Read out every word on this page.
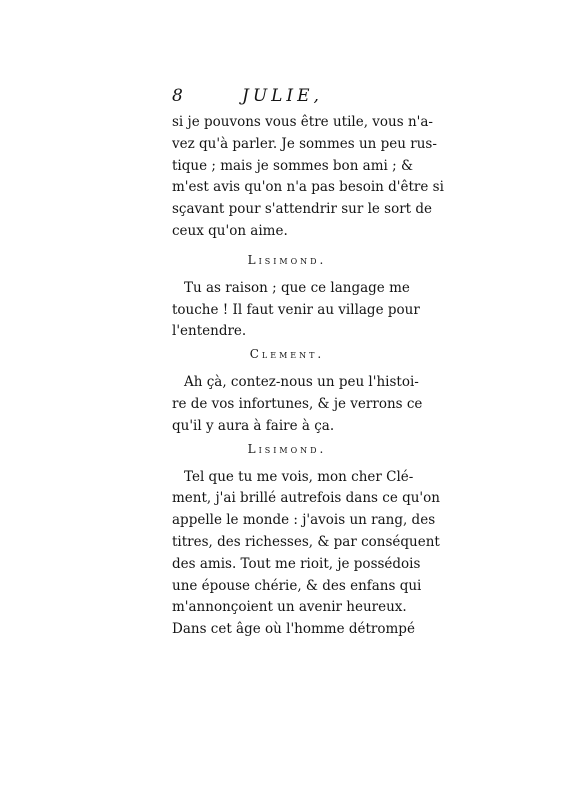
8	JULIE,
si je pouvons vous être utile, vous n'a-
vez qu'à parler. Je sommes un peu rus-
tique ; mais je sommes bon ami ; &
m'est avis qu'on n'a pas besoin d'être si
sçavant pour s'attendrir sur le sort de
ceux qu'on aime.
Lisimond.
Tu as raison ; que ce langage me
touche ! Il faut venir au village pour
l'entendre.
Clement.
Ah çà, contez-nous un peu l'histoi-
re de vos infortunes, & je verrons ce
qu'il y aura à faire à ça.
Lisimond.
Tel que tu me vois, mon cher Clé-
ment, j'ai brillé autrefois dans ce qu'on
appelle le monde : j'avois un rang, des
titres, des richesses, & par conséquent
des amis. Tout me rioit, je possédois
une épouse chérie, & des enfans qui
m'annonçoient un avenir heureux.
Dans cet âge où l'homme détrompé
